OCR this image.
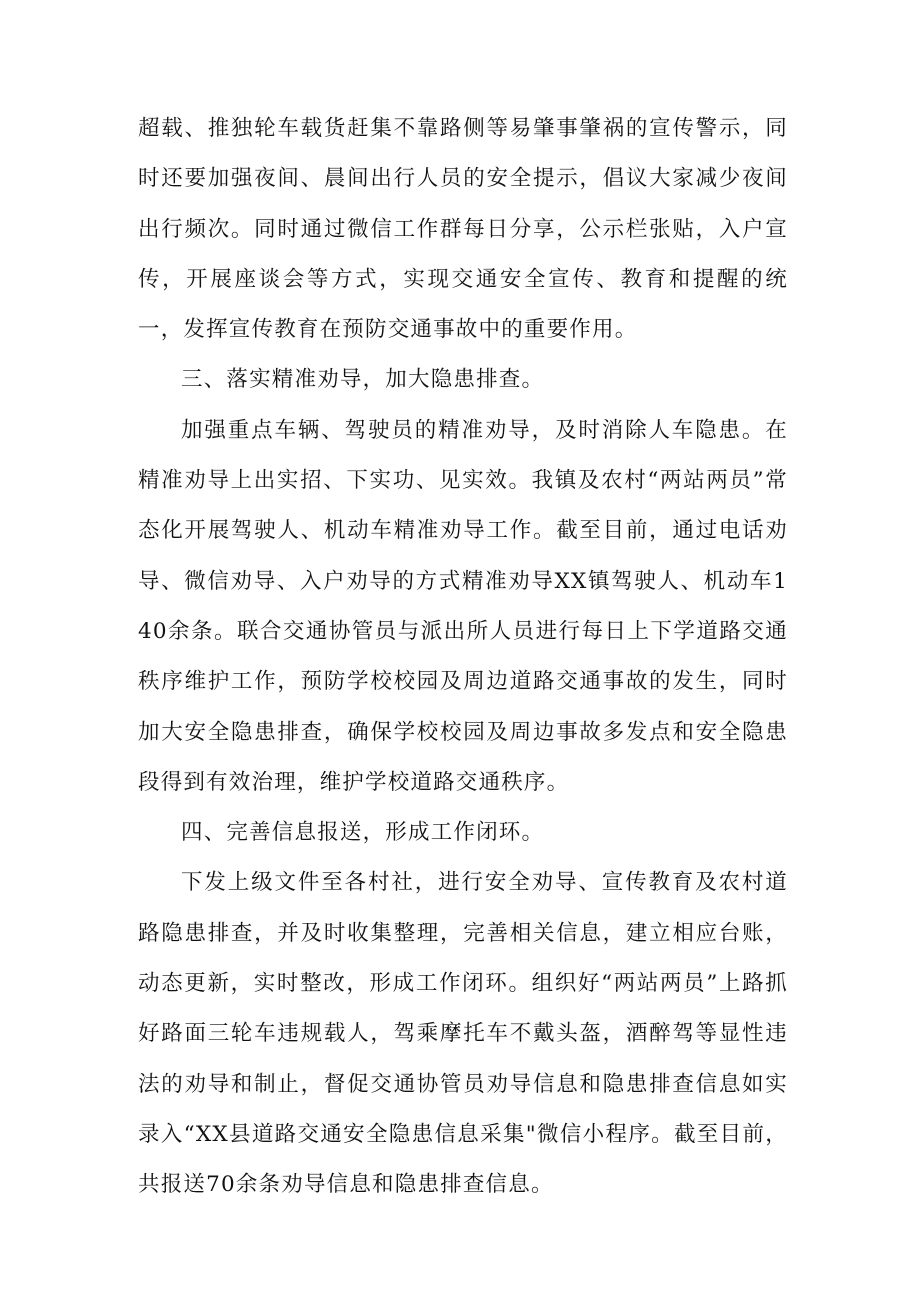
超载、推独轮车载货赶集不靠路侧等易肇事肇祸的宣传警示，同时还要加强夜间、晨间出行人员的安全提示，倡议大家减少夜间出行频次。同时通过微信工作群每日分享，公示栏张贴，入户宣传，开展座谈会等方式，实现交通安全宣传、教育和提醒的统一，发挥宣传教育在预防交通事故中的重要作用。

三、落实精准劝导，加大隐患排查。

加强重点车辆、驾驶员的精准劝导，及时消除人车隐患。在精准劝导上出实招、下实功、见实效。我镇及农村“两站两员”常态化开展驾驶人、机动车精准劝导工作。截至目前，通过电话劝导、微信劝导、入户劝导的方式精准劝导XX镇驾驶人、机动车140余条。联合交通协管员与派出所人员进行每日上下学道路交通秩序维护工作，预防学校校园及周边道路交通事故的发生，同时加大安全隐患排查，确保学校校园及周边事故多发点和安全隐患段得到有效治理，维护学校道路交通秩序。

四、完善信息报送，形成工作闭环。

下发上级文件至各村社，进行安全劝导、宣传教育及农村道路隐患排查，并及时收集整理，完善相关信息，建立相应台账，动态更新，实时整改，形成工作闭环。组织好“两站两员”上路抓好路面三轮车违规载人，驾乘摩托车不戴头盔，酒醉驾等显性违法的劝导和制止，督促交通协管员劝导信息和隐患排查信息如实录入“XX县道路交通安全隐患信息采集"微信小程序。截至目前，共报送70余条劝导信息和隐患排查信息。
